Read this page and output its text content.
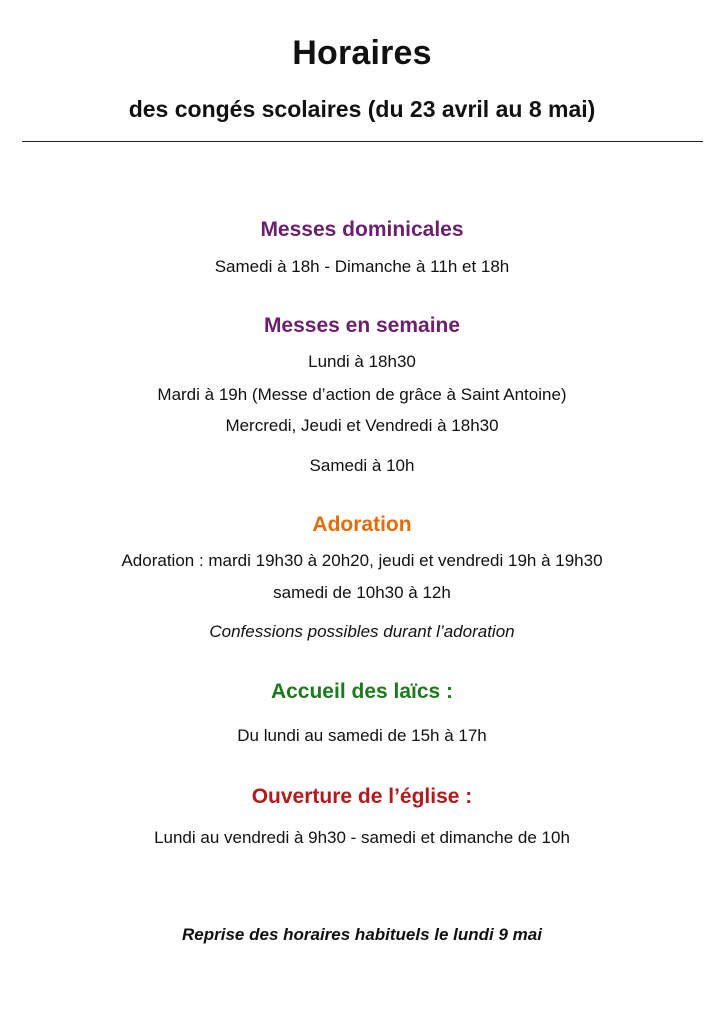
Horaires
des congés scolaires (du 23 avril au 8 mai)
Messes dominicales
Samedi à 18h - Dimanche à 11h et 18h
Messes en semaine
Lundi à 18h30
Mardi à 19h (Messe d’action de grâce à Saint Antoine)
Mercredi, Jeudi et Vendredi à 18h30
Samedi à 10h
Adoration
Adoration : mardi 19h30 à 20h20, jeudi et vendredi 19h à 19h30
samedi de 10h30 à 12h
Confessions possibles durant l’adoration
Accueil des laïcs :
Du lundi au samedi de 15h à 17h
Ouverture de l’église :
Lundi au vendredi à 9h30 - samedi et dimanche de 10h
Reprise des horaires habituels le lundi 9 mai
